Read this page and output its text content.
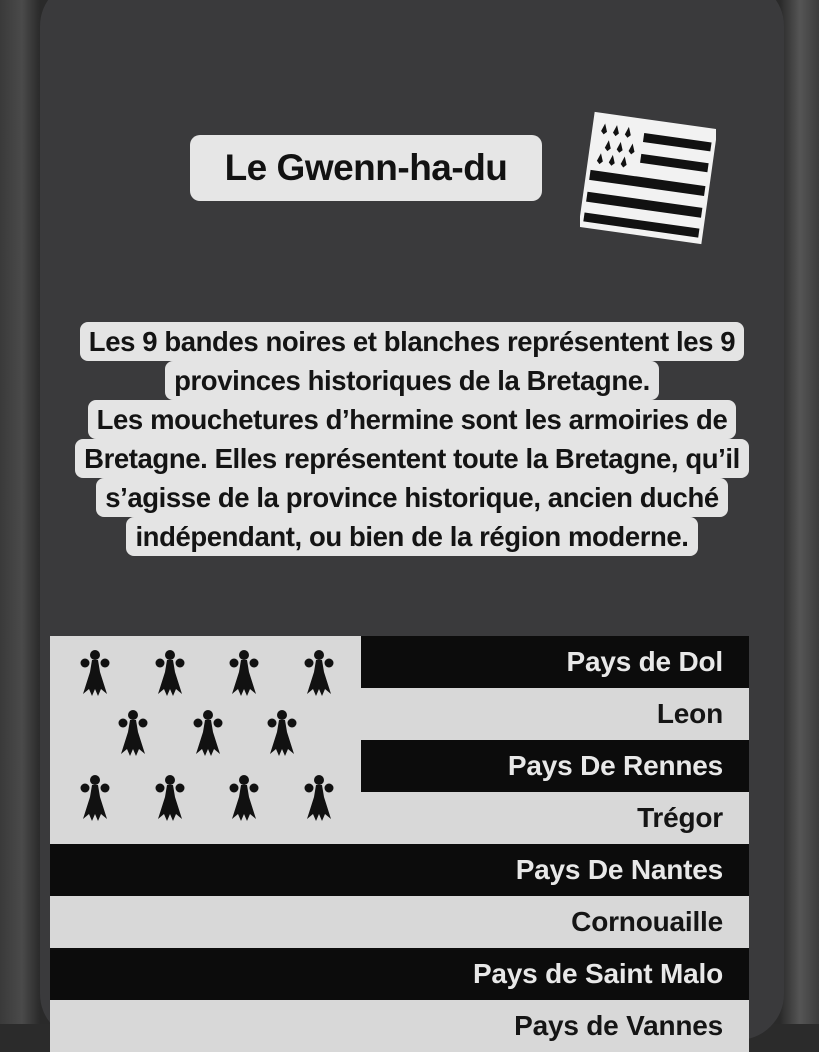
Le Gwenn-ha-du
Les 9 bandes noires et blanches représentent les 9
provinces historiques de la Bretagne.
Les mouchetures d’hermine sont les armoiries de
Bretagne. Elles représentent toute la Bretagne, qu’il
s’agisse de la province historique, ancien duché
indépendant, ou bien de la région moderne.
Pays de Dol
Leon
Pays De Rennes
Trégor
Pays De Nantes
Cornouaille
Pays de Saint Malo
Pays de Vannes
